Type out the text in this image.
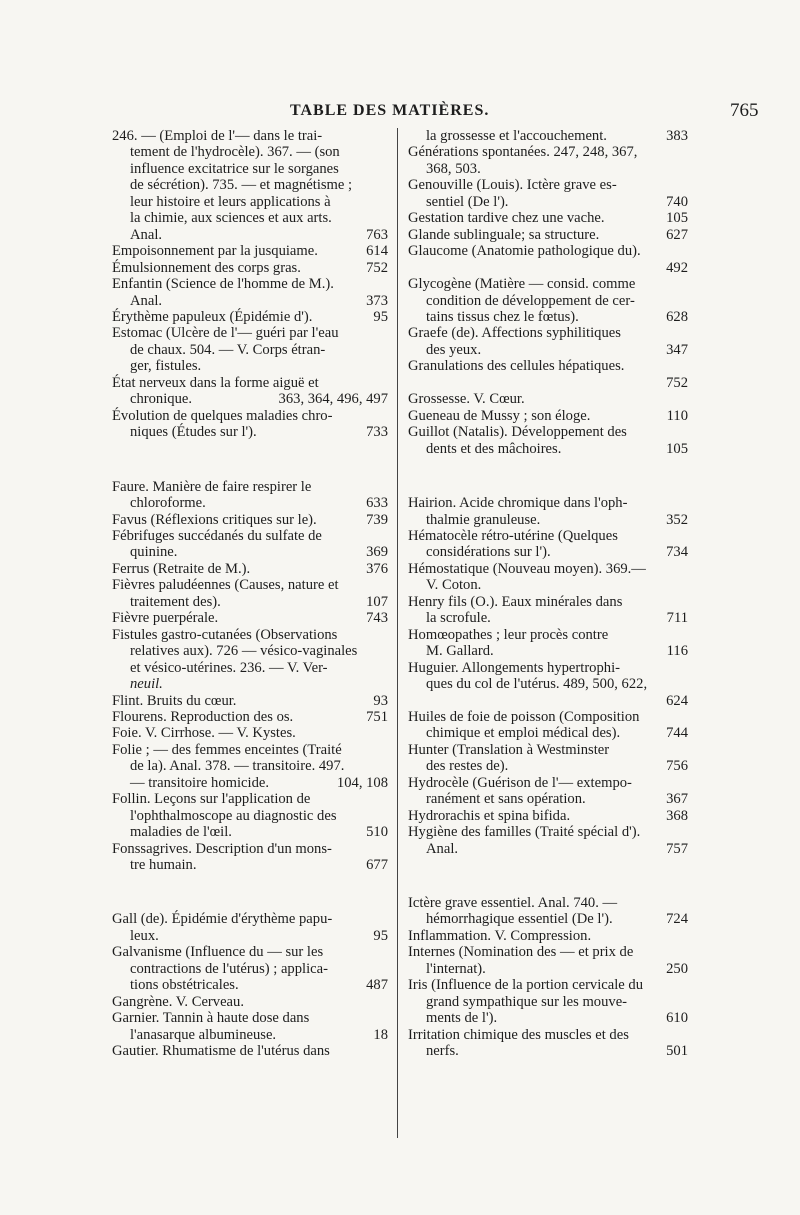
TABLE DES MATIÈRES.	765
246. — (Emploi de l'— dans le trai-
tement de l'hydrocèle). 367. — (son
influence excitatrice sur le sorganes
de sécrétion). 735. — et magnétisme ;
leur histoire et leurs applications à
la chimie, aux sciences et aux arts.
Anal.	763
Empoisonnement par la jusquiame.	614
Émulsionnement des corps gras.	752
Enfantin (Science de l'homme de M.).
Anal.	373
Érythème papuleux (Épidémie d').	95
Estomac (Ulcère de l'— guéri par l'eau
de chaux. 504. — V. Corps étran-
ger, fistules.
État nerveux dans la forme aiguë et
chronique.	363, 364, 496, 497
Évolution de quelques maladies chro-
niques (Études sur l').	733
Faure. Manière de faire respirer le
chloroforme.	633
Favus (Réflexions critiques sur le).	739
Fébrifuges succédanés du sulfate de
quinine.	369
Ferrus (Retraite de M.).	376
Fièvres paludéennes (Causes, nature et
traitement des).	107
Fièvre puerpérale.	743
Fistules gastro-cutanées (Observations
relatives aux). 726 — vésico-vaginales
et vésico-utérines. 236. — V. Ver-
neuil.
Flint. Bruits du cœur.	93
Flourens. Reproduction des os.	751
Foie. V. Cirrhose. — V. Kystes.
Folie ; — des femmes enceintes (Traité
de la). Anal. 378. — transitoire. 497.
— transitoire homicide.	104, 108
Follin. Leçons sur l'application de
l'ophthalmoscope au diagnostic des
maladies de l'œil.	510
Fonssagrives. Description d'un mons-
tre humain.	677
Gall (de). Épidémie d'érythème papu-
leux.	95
Galvanisme (Influence du — sur les
contractions de l'utérus) ; applica-
tions obstétricales.	487
Gangrène. V. Cerveau.
Garnier. Tannin à haute dose dans
l'anasarque albumineuse.	18
Gautier. Rhumatisme de l'utérus dans
la grossesse et l'accouchement.	383
Générations spontanées. 247, 248, 367,
368, 503.
Genouville (Louis). Ictère grave es-
sentiel (De l').	740
Gestation tardive chez une vache.	105
Glande sublinguale; sa structure.	627
Glaucome (Anatomie pathologique du).
492
Glycogène (Matière — consid. comme
condition de développement de cer-
tains tissus chez le fœtus).	628
Graefe (de). Affections syphilitiques
des yeux.	347
Granulations des cellules hépatiques.
752
Grossesse. V. Cœur.
Gueneau de Mussy ; son éloge.	110
Guillot (Natalis). Développement des
dents et des mâchoires.	105
Hairion. Acide chromique dans l'oph-
thalmie granuleuse.	352
Hématocèle rétro-utérine (Quelques
considérations sur l').	734
Hémostatique (Nouveau moyen). 369.—
V. Coton.
Henry fils (O.). Eaux minérales dans
la scrofule.	711
Homœopathes ; leur procès contre
M. Gallard.	116
Huguier. Allongements hypertrophi-
ques du col de l'utérus. 489, 500, 622,
624
Huiles de foie de poisson (Composition
chimique et emploi médical des).	744
Hunter (Translation à Westminster
des restes de).	756
Hydrocèle (Guérison de l'— extempo-
ranément et sans opération.	367
Hydrorachis et spina bifida.	368
Hygiène des familles (Traité spécial d').
Anal.	757
Ictère grave essentiel. Anal. 740. —
hémorrhagique essentiel (De l').	724
Inflammation. V. Compression.
Internes (Nomination des — et prix de
l'internat).	250
Iris (Influence de la portion cervicale du
grand sympathique sur les mouve-
ments de l').	610
Irritation chimique des muscles et des
nerfs.	501
